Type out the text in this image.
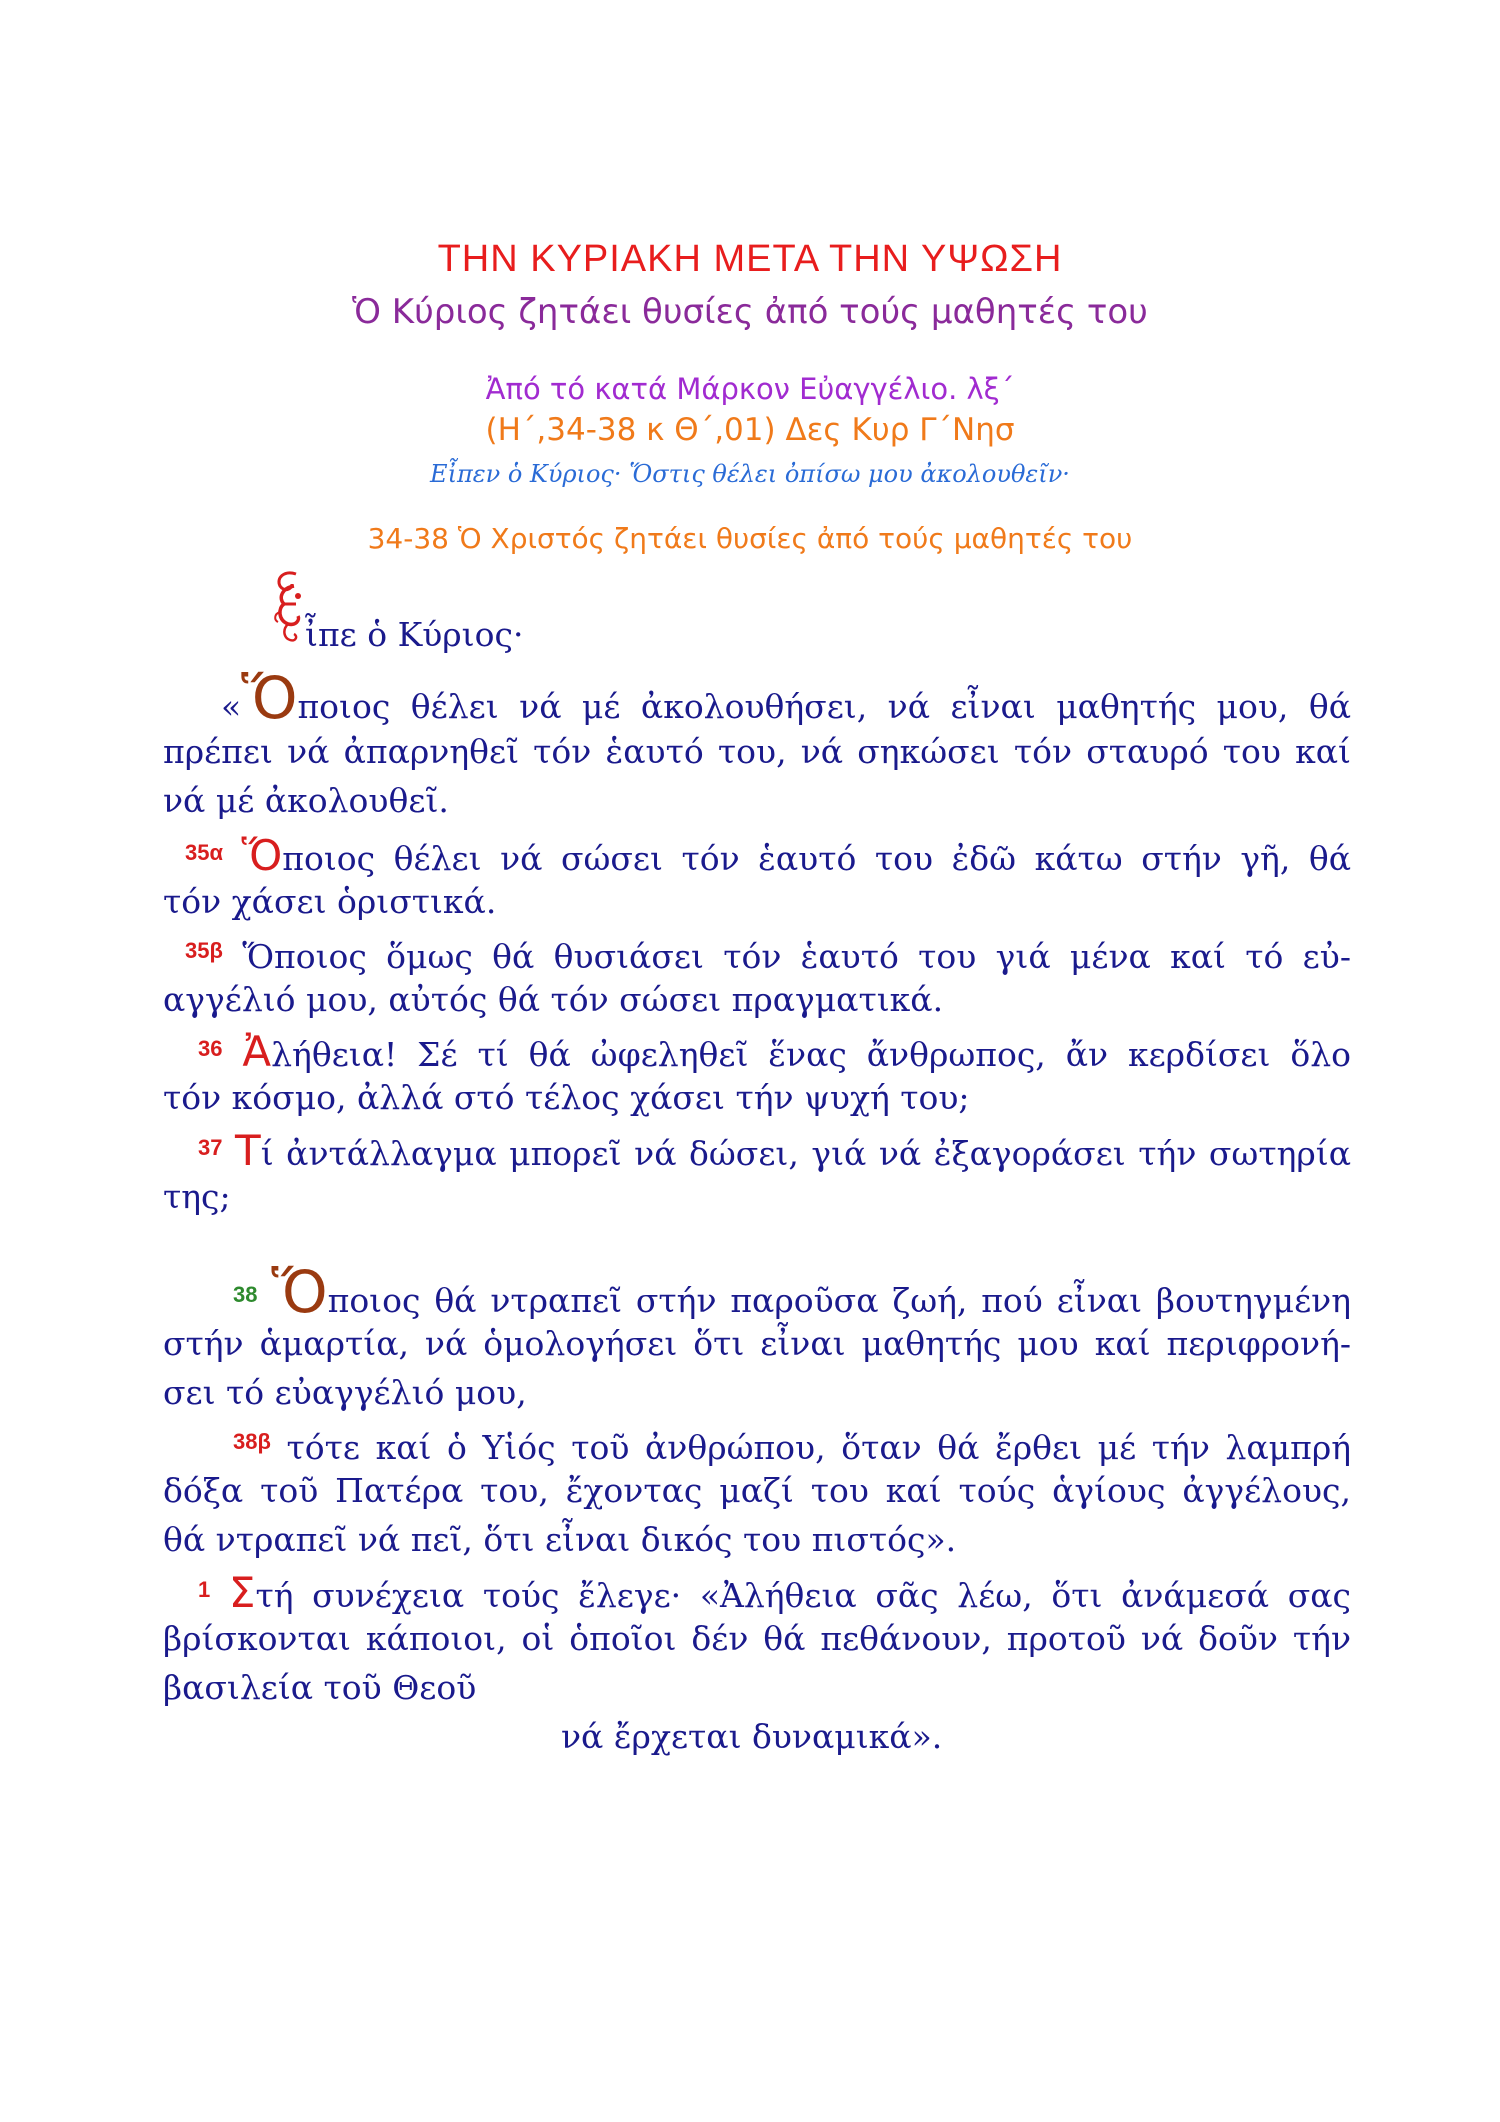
ΤΗΝ ΚΥΡΙΑΚΗ ΜΕΤΑ ΤΗΝ ΥΨΩΣΗ
Ὁ Κύριος ζητάει θυσίες ἀπό τούς μαθητές του
Ἀπό τό κατά Μάρκον Εὐαγγέλιο. λξ΄
(Η΄,34-38 κ Θ΄,01) Δες Κυρ Γ΄Νησ
Εἶπεν ὁ Κύριος· Ὅστις θέλει ὀπίσω μου ἀκολουθεῖν·
34-38 Ὁ Χριστός ζητάει θυσίες ἀπό τούς μαθητές του
ἶπε ὁ Κύριος·
«Ὅποιος θέλει νά μέ ἀκολουθήσει, νά εἶναι μαθητής μου, θά
πρέπει νά ἀπαρνηθεῖ τόν ἑαυτό του, νά σηκώσει τόν σταυρό του καί
νά μέ ἀκολουθεῖ.
$^{35\alpha}$ Ὅποιος θέλει νά σώσει τόν ἑαυτό του ἐδῶ κάτω στήν γῆ, θά
τόν χάσει ὁριστικά.
$^{35\beta}$ Ὅποιος ὅμως θά θυσιάσει τόν ἑαυτό του γιά μένα καί τό εὐ-
αγγέλιό μου, αὐτός θά τόν σώσει πραγματικά.
$^{36}$ Ἀλήθεια! Σέ τί θά ὠφεληθεῖ ἕνας ἄνθρωπος, ἄν κερδίσει ὅλο
τόν κόσμο, ἀλλά στό τέλος χάσει τήν ψυχή του;
$^{37}$ Τί ἀντάλλαγμα μπορεῖ νά δώσει, γιά νά ἐξαγοράσει τήν σωτηρία
της;
$^{38}$ Ὅποιος θά ντραπεῖ στήν παροῦσα ζωή, πού εἶναι βουτηγμένη
στήν ἁμαρτία, νά ὁμολογήσει ὅτι εἶναι μαθητής μου καί περιφρονή-
σει τό εὐαγγέλιό μου,
$^{38\beta}$ τότε καί ὁ Υἱός τοῦ ἀνθρώπου, ὅταν θά ἔρθει μέ τήν λαμπρή
δόξα τοῦ Πατέρα του, ἔχοντας μαζί του καί τούς ἁγίους ἀγγέλους,
θά ντραπεῖ νά πεῖ, ὅτι εἶναι δικός του πιστός».
$^1$ Στή συνέχεια τούς ἔλεγε· «Ἀλήθεια σᾶς λέω, ὅτι ἀνάμεσά σας
βρίσκονται κάποιοι, οἱ ὁποῖοι δέν θά πεθάνουν, προτοῦ νά δοῦν τήν
βασιλεία τοῦ Θεοῦ
νά ἔρχεται δυναμικά».
